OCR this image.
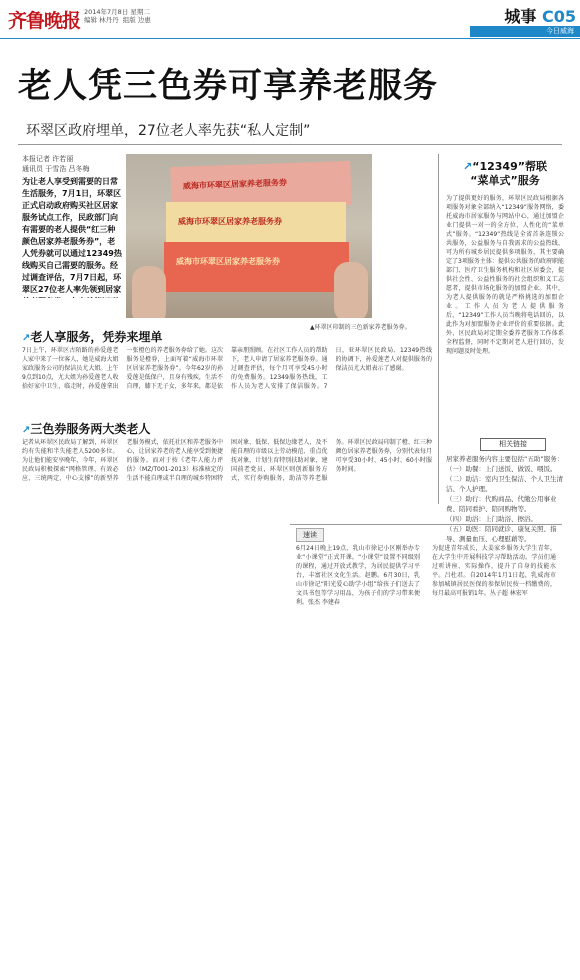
齐鲁晚报 2014年7月8日 星期二
编辑 林丹丹 组版 边惠	城事 C05
今日威海
老人凭三色券可享养老服务
环翠区政府埋单，27位老人率先获“私人定制”
本报记者 许若丽
通讯员 于雪浩 吕冬梅
为让老人享受到需要的日常生活服务，7月1日，环翠区正式启动政府购买社区居家服务试点工作，民政部门向有需要的老人提供“红三种颜色居家养老服务券”，老人凭券就可以通过12349热线购买自己需要的服务。经过调查评估，7月7日起，环翠区27位老人率先领到居家
威海市环翠区居家养老服务券
威海市环翠区居家养老服务券
威海市环翠区居家养老服务券
▲环翠区印制的三色新家养老服务券。
↗老人享服务，凭券来埋单
7日上午，环翠区古陌路的孙爱莲老人家中来了一位客人，她是威海大姐家政服务公司的保洁员尤大姐。上午9点到10点，尤大姐为孙爱莲老人收拾好家中卫生，临走时，孙爱莲拿出一张橙色的养老服务券给了她。这次服务是橙券，上面写着“威海市环翠区居家养老服务券”。今年62岁的孙爱莲是低保户，且身有残疾，生活不自理，膝下无子女，多年来，都是依靠亲朋照顾。在社区工作人员的帮助下，老人申请了居家养老服务券。通过调查评估，每个月可享受45小时的免费服务。12349服务热线，工作人员为老人安排了保洁服务。7日，亚环翠区民政局、12349热线的协调下，孙爱莲老人对提供服务的保洁员尤大姐表示了感谢。
↗三色券服务两大类老人
记者从环翠区民政局了解到，环翠区约有失能和半失能老人5200多位。为让他们能安享晚年，今年，环翠区民政局积极探索“网格管理、有效必应、三统两定、中心支撑”的新型养老服务模式，依托社区和养老服务中心，让居家养老的老人能享受到便捷的服务。而对于按《老年人能力评估》（MZ/T001-2013）标准核定的生活不能自理或半自理的城乡特困特困对象、低保、低保边缘老人，及不能自理的市级以上劳动模范、重点优抚对象，计划生育特别扶助对象，建国前老党员，环翠区则创新服务方式，实行券购服务，助洁等养老服务。环翠区民政局印制了橙、红三种颜色居家养老服务券，分别代表每月可享受30小时、45小时、60小时服务时间。
↗“12349”帮联
“菜单式”服务
为了提供更好的服务，环翠区民政局根据各项服务对象全部纳入“12349”服务网络，委托威海市居家服务与网站中心，通过加盟企业门提供一对一的全方位、人性化的“菜单式”服务。“12349”热线是全省首条连锁公共服务，公益服务与自我需求的公益热线，可为所有城乡居民提供多项服务，其主要确定了3项服务主体：提供公共服务的政府职能部门、医疗卫生服务机构和社区居委会，提供社会性、公益性服务的社会组织和义工志愿者，提供市场化服务的加盟企业。其中，为老人提供服务的就是严格挑选的加盟企业。工作人员为老人提供服务后，“12349”工作人员当晚将电话回访，以此作为对加盟服务企业评价的重要依据。此外，区民政局对定期全委养老服务工作体系全程监督，同时不定期对老人进行回访，发现问题及时处理。
相关链接
居家养老服务内容主要包括“五助”服务：
（一）助餐：上门送饭、做饭、喂饭。
（二）助洁：室内卫生保洁、个人卫生清洁、个人护理。
（三）助行：代购商品、代缴公用事业费、陪同看护、陪同购物等。
（四）助浴：上门助浴、擦浴。
（五）助医：陪同就诊、康复关照、指导、测量血压、心理慰藉等。
速读
6月24日晚上19点，乳山市徐记小区刚举办专业“小课堂”正式开课。“小课堂”设置不同级别的课程，通过开放式教学，为居民提供学习平台，丰富社区文化生活。赵鹏。6月30日，乳山市徐记“阳光爱心助学小组”给孩子们送去了文具书包等学习用品，为孩子们的学习带来便利。张杰 李建春
为促进青年成长，大姜家乡服务大学生青年，在大学生中开展科技学习帮助活动。学员们通过听讲座、实际操作，提升了自身的技能水平。吕杜君。自2014年1月1日起，乳威海市参加城镇居民医保的参保居民按一档缴费的，每月最高可报销1年。丛子超 林宏军
